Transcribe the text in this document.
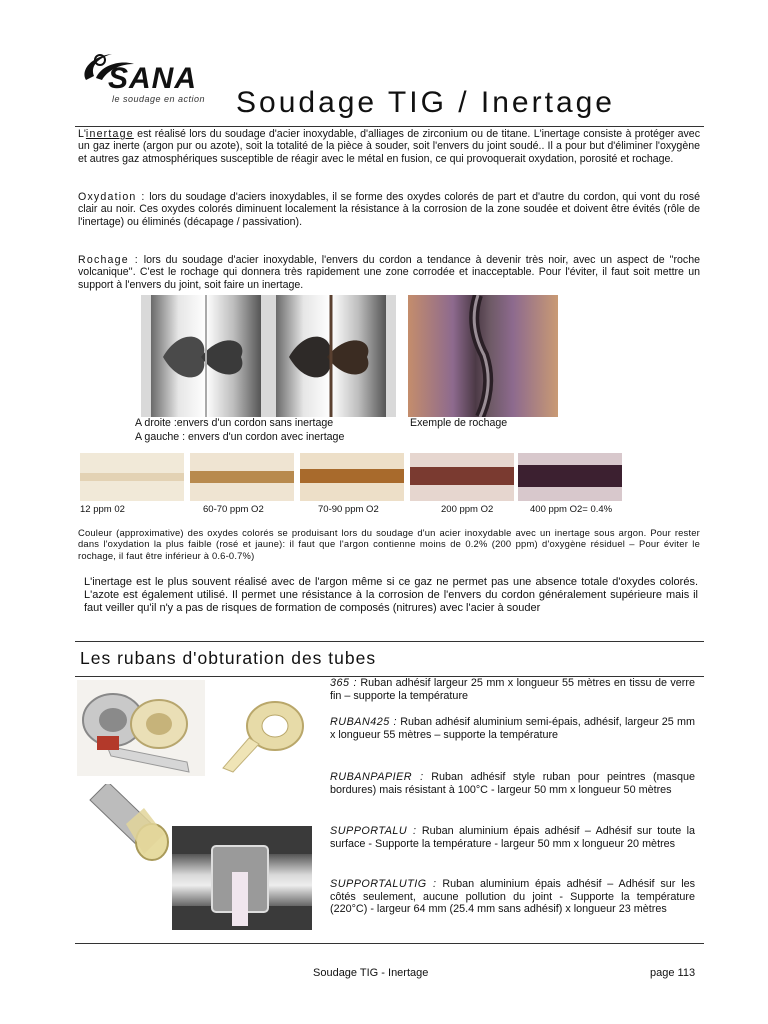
SANA
le soudage en action Soudage TIG / Inertage
L'inertage est réalisé lors du soudage d'acier inoxydable, d'alliages de zirconium ou de titane. L'inertage consiste à protéger avec un gaz inerte (argon pur ou azote), soit la totalité de la pièce à souder, soit l'envers du joint soudé.. Il a pour but d'éliminer l'oxygène et autres gaz atmosphériques susceptible de réagir avec le métal en fusion, ce qui provoquerait oxydation, porosité et rochage.
Oxydation : lors du soudage d'aciers inoxydables, il se forme des oxydes colorés de part et d'autre du cordon, qui vont du rosé clair au noir. Ces oxydes colorés diminuent localement la résistance à la corrosion de la zone soudée et doivent être évités (rôle de l'inertage) ou éliminés (décapage / passivation).
Rochage : lors du soudage d'acier inoxydable, l'envers du cordon a tendance à devenir très noir, avec un aspect de ''roche volcanique''. C'est le rochage qui donnera très rapidement une zone corrodée et inacceptable. Pour l'éviter, il faut soit mettre un support à l'envers du joint, soit faire un inertage.
A droite :envers d'un cordon sans inertage
A gauche : envers d'un cordon avec inertage
Exemple de rochage
12 ppm 02	60-70 ppm O2	70-90 ppm O2	200 ppm O2	400 ppm O2= 0.4%
Couleur (approximative) des oxydes colorés se produisant lors du soudage d'un acier inoxydable avec un inertage sous argon. Pour rester dans l'oxydation la plus faible (rosé et jaune): il faut que l'argon contienne moins de 0.2% (200 ppm) d'oxygène résiduel – Pour éviter le rochage, il faut être inférieur à 0.6-0.7%)
L'inertage est le plus souvent réalisé avec de l'argon même si ce gaz ne permet pas une absence totale d'oxydes colorés. L'azote est également utilisé. Il permet une résistance à la corrosion de l'envers du cordon généralement supérieure mais il faut veiller qu'il n'y a pas de risques de formation de composés (nitrures) avec l'acier à souder
Les rubans d'obturation des tubes
365 : Ruban adhésif largeur 25 mm x longueur 55 mètres en tissu de verre fin – supporte la température
RUBAN425 : Ruban adhésif aluminium semi-épais, adhésif, largeur 25 mm x longueur 55 mètres – supporte la température
RUBANPAPIER : Ruban adhésif style ruban pour peintres (masque bordures) mais résistant à 100°C - largeur 50 mm x longueur 50 mètres
SUPPORTALU : Ruban aluminium épais adhésif – Adhésif sur toute la surface - Supporte la température - largeur 50 mm x longueur 20 mètres
SUPPORTALUTIG : Ruban aluminium épais adhésif – Adhésif sur les côtés seulement, aucune pollution du joint - Supporte la température (220°C) - largeur 64 mm (25.4 mm sans adhésif) x longueur 23 mètres
Soudage TIG - Inertage	page 113
